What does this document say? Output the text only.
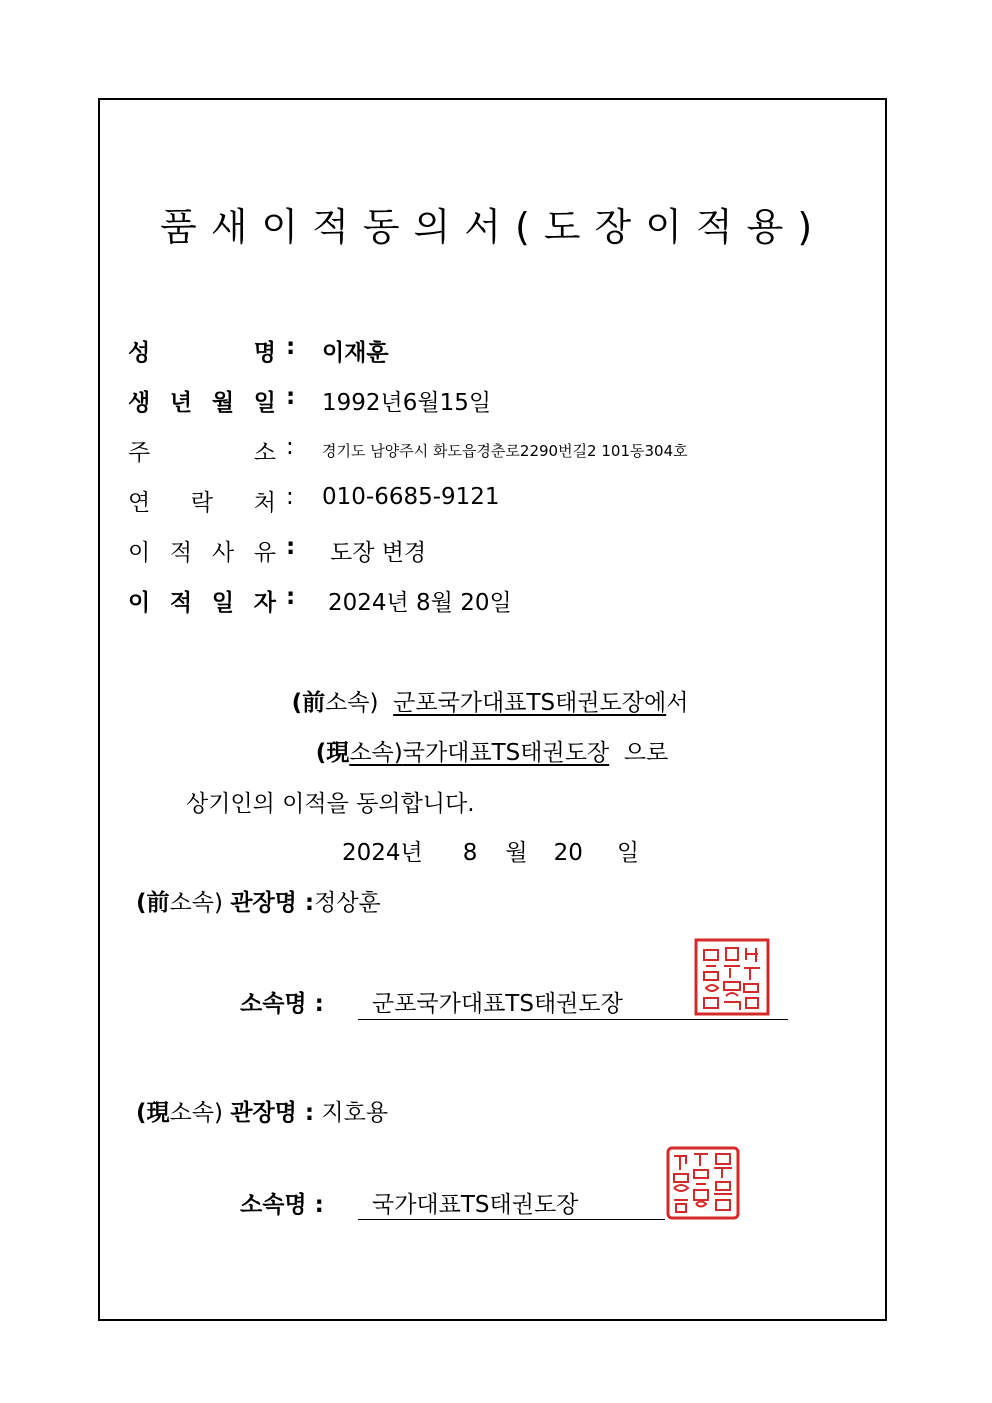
품새이적동의서(도장이적용)
성	명 : 이재훈
생 년 월 일 : 1992년6월15일
주	소 : 경기도 남양주시 화도읍경춘로2290번길2 101동304호
연 락 처 : 010-6685-9121
이 적 사 유 : 도장 변경
이 적 일 자 : 2024년 8월 20일
(前소속) 군포국가대표TS태권도장에서
(現소속)국가대표TS태권도장 으로
상기인의 이적을 동의합니다.
2024년 8 월 20 일
(前소속) 관장명 :정상훈
소속명 : 군포국가대표TS태권도장
(現소속) 관장명 : 지호용
소속명 : 국가대표TS태권도장
